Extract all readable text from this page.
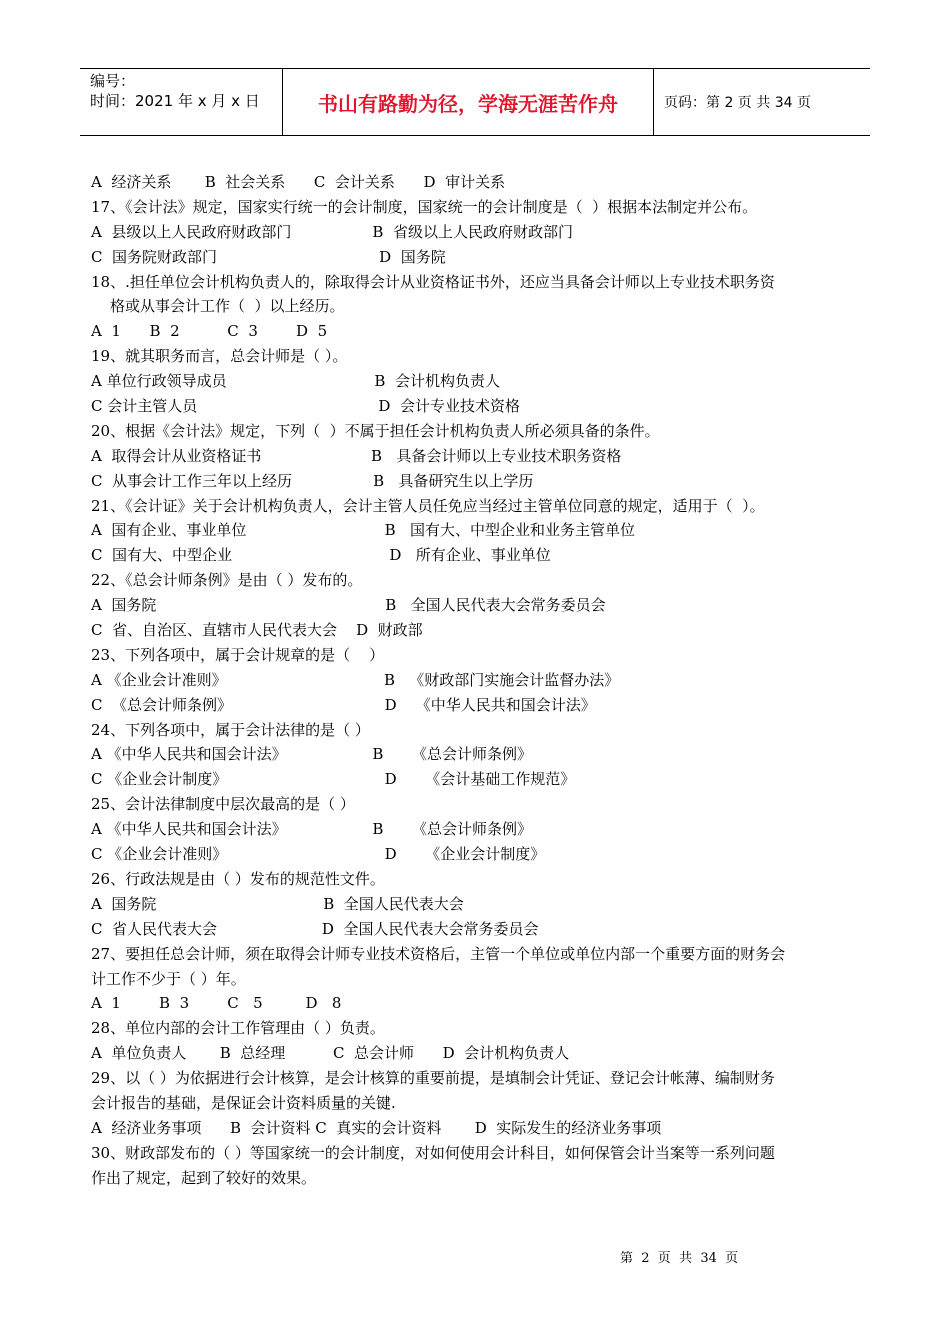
编号：
时间：2021 年 x 月 x 日	书山有路勤为径，学海无涯苦作舟	页码：第 2 页 共 34 页
A  经济关系       B  社会关系      C  会计关系      D  审计关系
17、《会计法》规定，国家实行统一的会计制度，国家统一的会计制度是（  ）根据本法制定并公布。
A  县级以上人民政府财政部门                 B  省级以上人民政府财政部门
C  国务院财政部门                                  D  国务院
18、.担任单位会计机构负责人的，除取得会计从业资格证书外，还应当具备会计师以上专业技术职务资
格或从事会计工作（  ）以上经历。
A  1      B  2          C  3        D  5
19、就其职务而言，总会计师是（ ）。
A 单位行政领导成员                               B  会计机构负责人
C 会计主管人员                                      D  会计专业技术资格
20、根据《会计法》规定，下列（  ）不属于担任会计机构负责人所必须具备的条件。
A  取得会计从业资格证书                       B   具备会计师以上专业技术职务资格
C  从事会计工作三年以上经历                 B   具备研究生以上学历
21、《会计证》关于会计机构负责人，会计主管人员任免应当经过主管单位同意的规定，适用于（  ）。
A  国有企业、事业单位                             B   国有大、中型企业和业务主管单位
C  国有大、中型企业                                 D   所有企业、事业单位
22、《总会计师条例》是由（ ）发布的。
A  国务院                                                B   全国人民代表大会常务委员会
C  省、自治区、直辖市人民代表大会    D  财政部
23、下列各项中，属于会计规章的是（    ）
A 《企业会计准则》                                 B   《财政部门实施会计监督办法》
C  《总会计师条例》                                D    《中华人民共和国会计法》
24、下列各项中，属于会计法律的是（ ）
A 《中华人民共和国会计法》                  B      《总会计师条例》
C 《企业会计制度》                                 D      《会计基础工作规范》
25、会计法律制度中层次最高的是（ ）
A 《中华人民共和国会计法》                  B      《总会计师条例》
C 《企业会计准则》                                 D      《企业会计制度》
26、行政法规是由（ ）发布的规范性文件。
A  国务院                                   B  全国人民代表大会
C  省人民代表大会                      D  全国人民代表大会常务委员会
27、要担任总会计师，须在取得会计师专业技术资格后，主管一个单位或单位内部一个重要方面的财务会
计工作不少于（ ）年。
A  1        B  3        C   5         D   8
28、单位内部的会计工作管理由（ ）负责。
A  单位负责人       B  总经理          C  总会计师      D  会计机构负责人
29、以（ ）为依据进行会计核算，是会计核算的重要前提，是填制会计凭证、登记会计帐薄、编制财务
会计报告的基础，是保证会计资料质量的关键.
A  经济业务事项      B  会计资料 C  真实的会计资料       D  实际发生的经济业务事项
30、财政部发布的（ ）等国家统一的会计制度，对如何使用会计科目，如何保管会计当案等一系列问题
作出了规定，起到了较好的效果。
第  2  页  共  34  页
